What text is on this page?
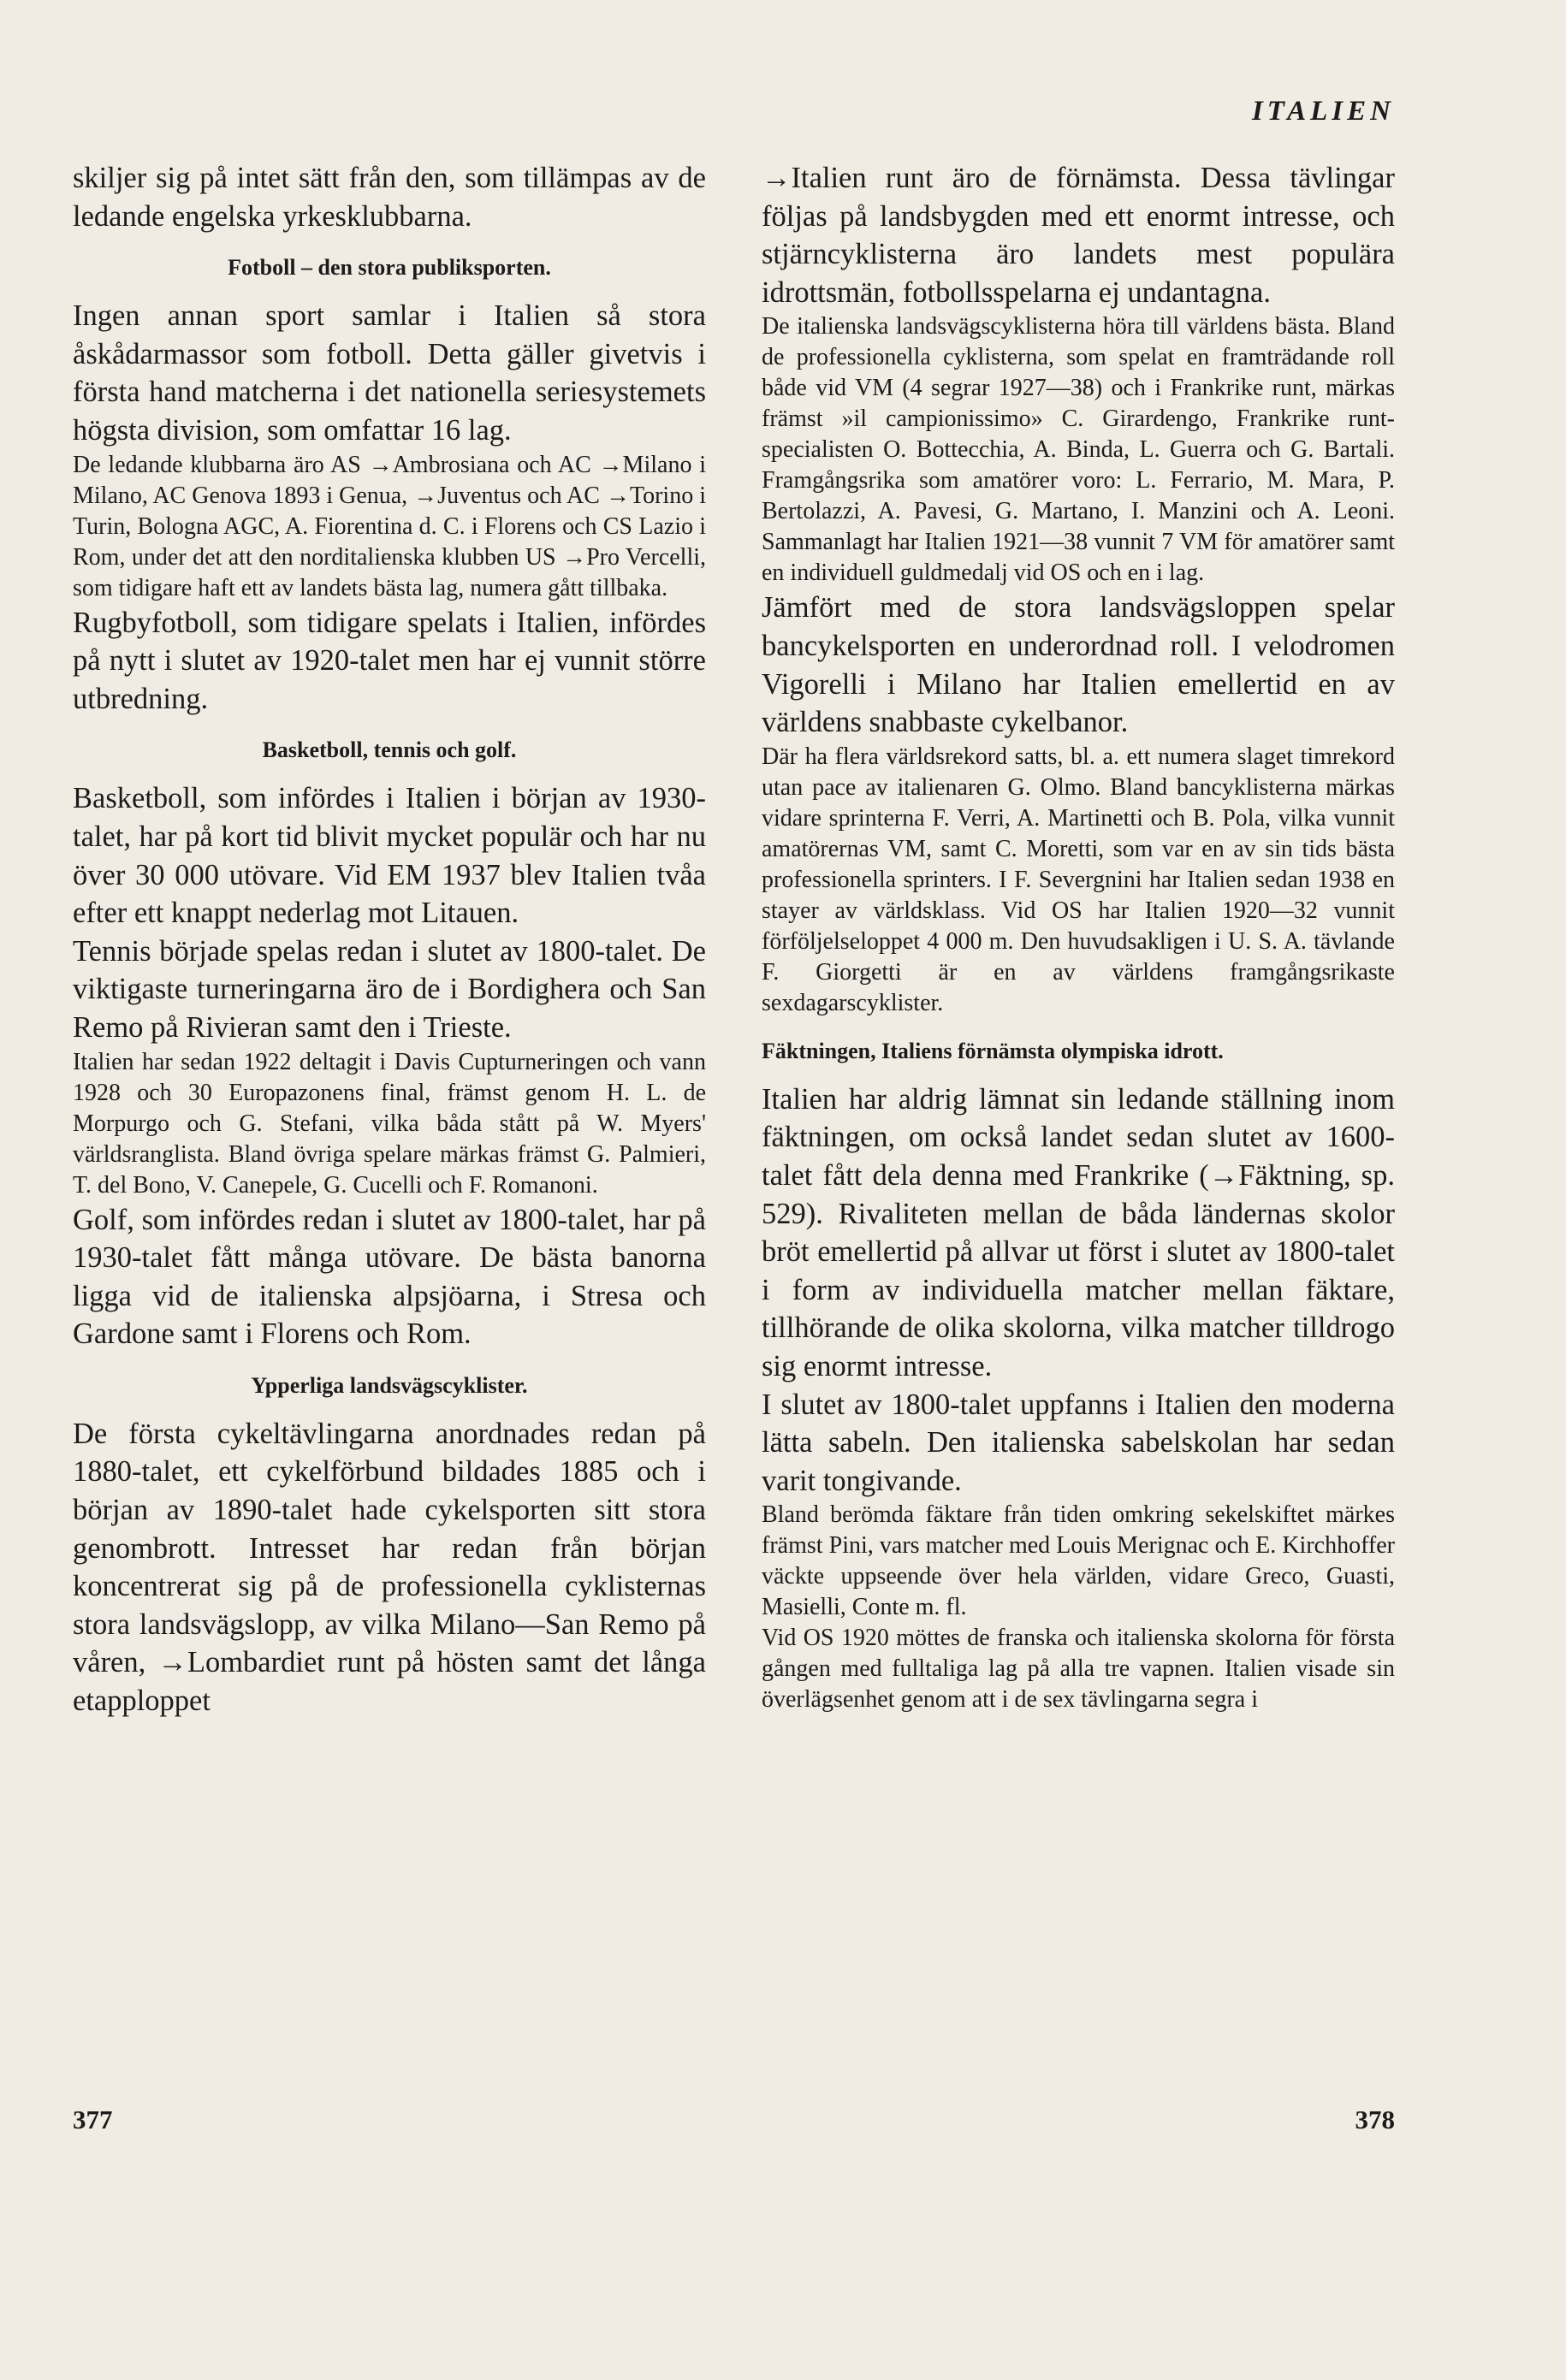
ITALIEN

skiljer sig på intet sätt från den, som tillämpas av de ledande engelska yrkesklubbarna.

Fotboll – den stora publiksporten.

Ingen annan sport samlar i Italien så stora åskådarmassor som fotboll. Detta gäller givetvis i första hand matcherna i det nationella seriesystemets högsta division, som omfattar 16 lag.

De ledande klubbarna äro AS →Ambrosiana och AC →Milano i Milano, AC Genova 1893 i Genua, →Juventus och AC →Torino i Turin, Bologna AGC, A. Fiorentina d. C. i Florens och CS Lazio i Rom, under det att den norditalienska klubben US →Pro Vercelli, som tidigare haft ett av landets bästa lag, numera gått tillbaka.

Rugbyfotboll, som tidigare spelats i Italien, infördes på nytt i slutet av 1920-talet men har ej vunnit större utbredning.

Basketboll, tennis och golf.

Basketboll, som infördes i Italien i början av 1930-talet, har på kort tid blivit mycket populär och har nu över 30 000 utövare. Vid EM 1937 blev Italien tvåa efter ett knappt nederlag mot Litauen.

Tennis började spelas redan i slutet av 1800-talet. De viktigaste turneringarna äro de i Bordighera och San Remo på Rivieran samt den i Trieste.

Italien har sedan 1922 deltagit i Davis Cupturneringen och vann 1928 och 30 Europazonens final, främst genom H. L. de Morpurgo och G. Stefani, vilka båda stått på W. Myers' världsranglista. Bland övriga spelare märkas främst G. Palmieri, T. del Bono, V. Canepele, G. Cucelli och F. Romanoni.

Golf, som infördes redan i slutet av 1800-talet, har på 1930-talet fått många utövare. De bästa banorna ligga vid de italienska alpsjöarna, i Stresa och Gardone samt i Florens och Rom.

Ypperliga landsvägscyklister.

De första cykeltävlingarna anordnades redan på 1880-talet, ett cykelförbund bildades 1885 och i början av 1890-talet hade cykelsporten sitt stora genombrott. Intresset har redan från början koncentrerat sig på de professionella cyklisternas stora landsvägslopp, av vilka Milano—San Remo på våren, →Lombardiet runt på hösten samt det långa etapploppet

→Italien runt äro de förnämsta. Dessa tävlingar följas på landsbygden med ett enormt intresse, och stjärncyklisterna äro landets mest populära idrottsmän, fotbollsspelarna ej undantagna.

De italienska landsvägscyklisterna höra till världens bästa. Bland de professionella cyklisterna, som spelat en framträdande roll både vid VM (4 segrar 1927—38) och i Frankrike runt, märkas främst »il campionissimo» C. Girardengo, Frankrike runt-specialisten O. Bottecchia, A. Binda, L. Guerra och G. Bartali. Framgångsrika som amatörer voro: L. Ferrario, M. Mara, P. Bertolazzi, A. Pavesi, G. Martano, I. Manzini och A. Leoni. Sammanlagt har Italien 1921—38 vunnit 7 VM för amatörer samt en individuell guldmedalj vid OS och en i lag.

Jämfört med de stora landsvägsloppen spelar bancykelsporten en underordnad roll. I velodromen Vigorelli i Milano har Italien emellertid en av världens snabbaste cykelbanor.

Där ha flera världsrekord satts, bl. a. ett numera slaget timrekord utan pace av italienaren G. Olmo. Bland bancyklisterna märkas vidare sprinterna F. Verri, A. Martinetti och B. Pola, vilka vunnit amatörernas VM, samt C. Moretti, som var en av sin tids bästa professionella sprinters. I F. Severgnini har Italien sedan 1938 en stayer av världsklass. Vid OS har Italien 1920—32 vunnit förföljelseloppet 4 000 m. Den huvudsakligen i U. S. A. tävlande F. Giorgetti är en av världens framgångsrikaste sexdagarscyklister.

Fäktningen, Italiens förnämsta olympiska idrott.

Italien har aldrig lämnat sin ledande ställning inom fäktningen, om också landet sedan slutet av 1600-talet fått dela denna med Frankrike (→Fäktning, sp. 529). Rivaliteten mellan de båda ländernas skolor bröt emellertid på allvar ut först i slutet av 1800-talet i form av individuella matcher mellan fäktare, tillhörande de olika skolorna, vilka matcher tilldrogo sig enormt intresse.

I slutet av 1800-talet uppfanns i Italien den moderna lätta sabeln. Den italienska sabelskolan har sedan varit tongivande.

Bland berömda fäktare från tiden omkring sekelskiftet märkes främst Pini, vars matcher med Louis Merignac och E. Kirchhoffer väckte uppseende över hela världen, vidare Greco, Guasti, Masielli, Conte m. fl.

Vid OS 1920 möttes de franska och italienska skolorna för första gången med fulltaliga lag på alla tre vapnen. Italien visade sin överlägsenhet genom att i de sex tävlingarna segra i

377	378
